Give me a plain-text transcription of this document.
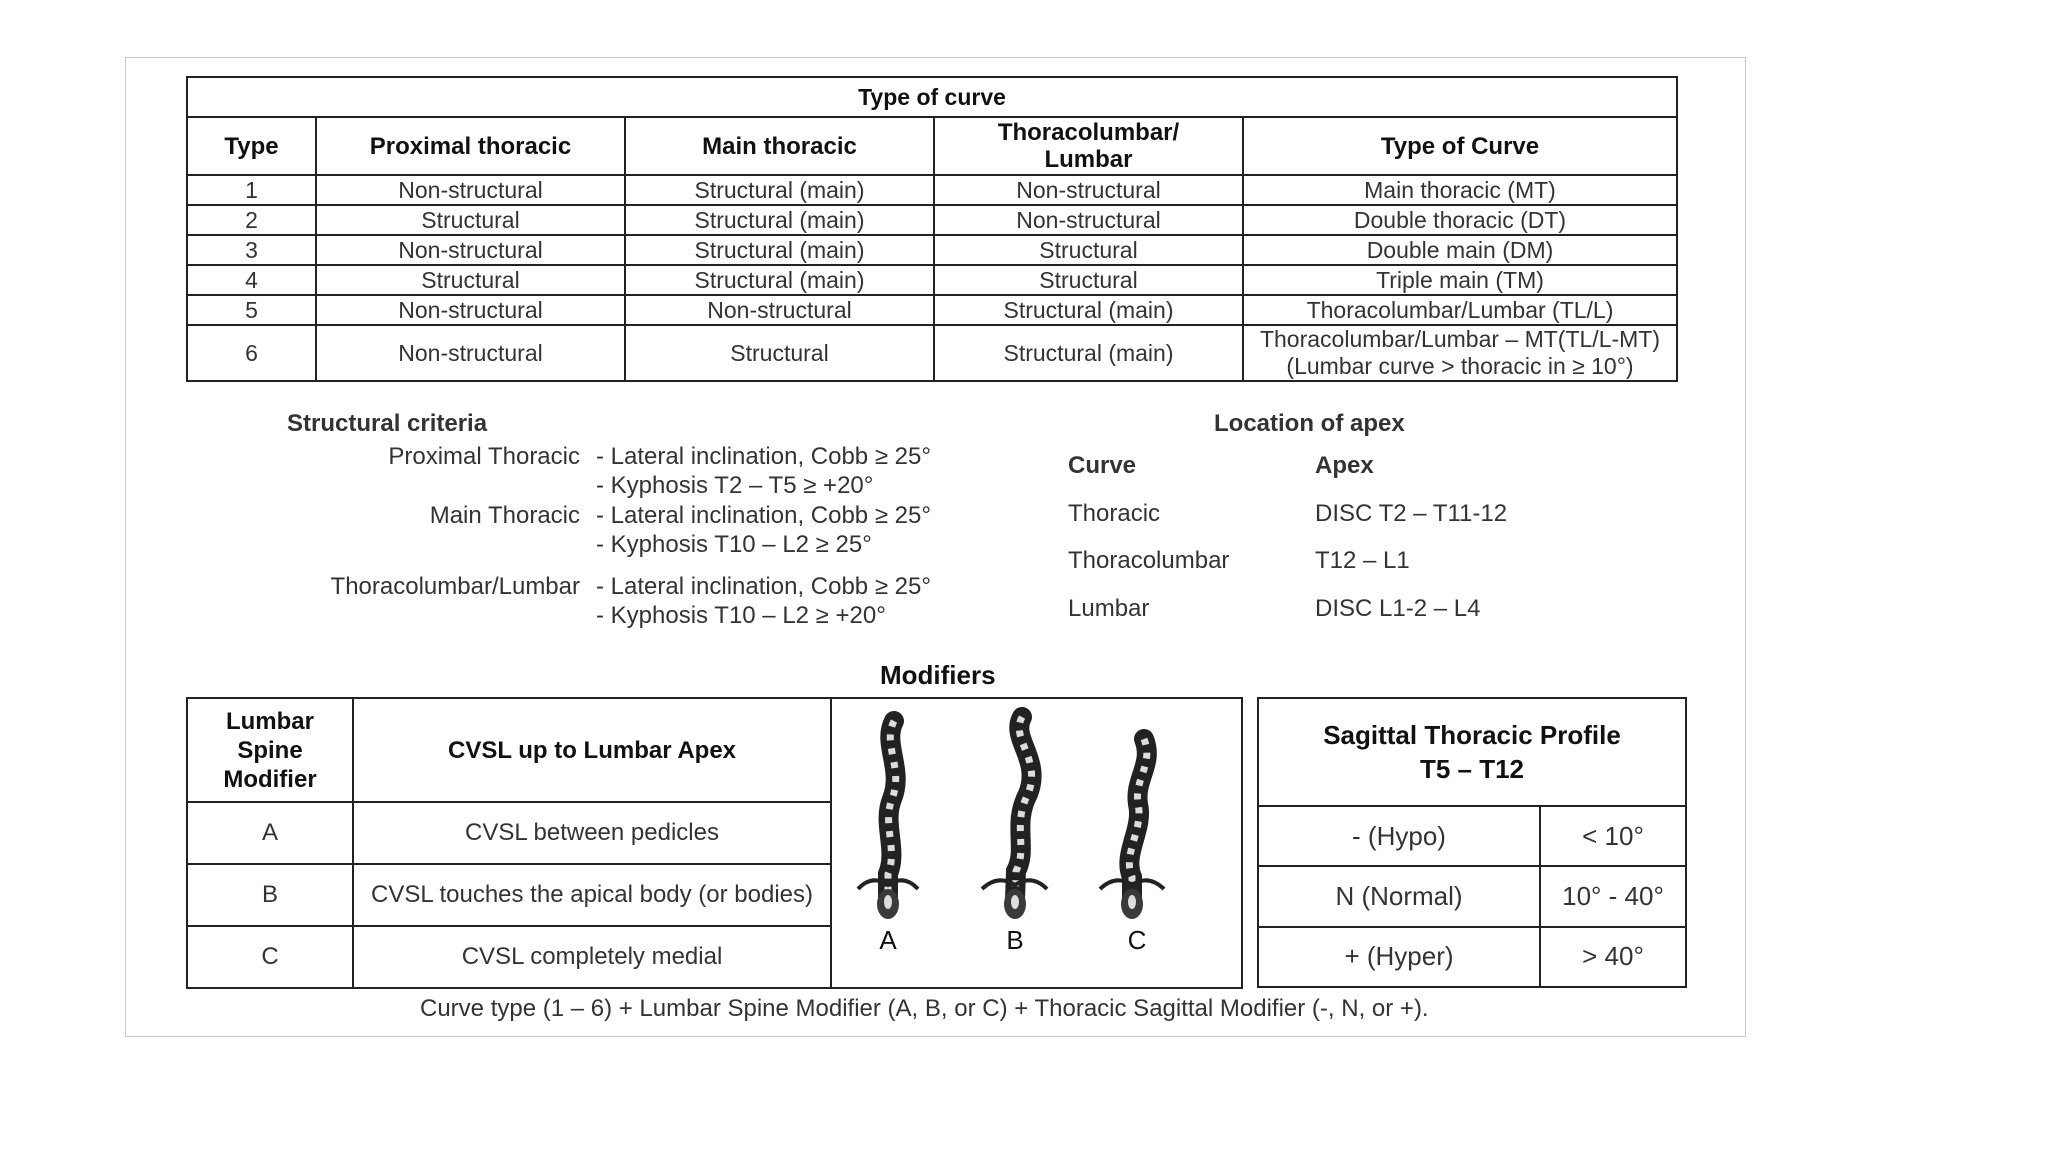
Type of curve				
Type	Proximal thoracic	Main thoracic	Thoracolumbar/ Lumbar	Type of Curve
1	Non-structural	Structural (main)	Non-structural	Main thoracic (MT)
2	Structural	Structural (main)	Non-structural	Double thoracic (DT)
3	Non-structural	Structural (main)	Structural	Double main (DM)
4	Structural	Structural (main)	Structural	Triple main (TM)
5	Non-structural	Non-structural	Structural (main)	Thoracolumbar/Lumbar (TL/L)
6	Non-structural	Structural	Structural (main)	Thoracolumbar/Lumbar – MT(TL/L-MT)
(Lumbar curve > thoracic in ≥ 10°)
Structural criteria
Proximal Thoracic - Lateral inclination, Cobb ≥ 25°
- Kyphosis T2 – T5 ≥ +20°
Main Thoracic - Lateral inclination, Cobb ≥ 25°
- Kyphosis T10 – L2 ≥ 25°
Thoracolumbar/Lumbar - Lateral inclination, Cobb ≥ 25°
- Kyphosis T10 – L2 ≥ +20°
Location of apex
Curve	Apex
Thoracic	DISC T2 – T11-12
Thoracolumbar	T12 – L1
Lumbar	DISC L1-2 – L4
Modifiers
Lumbar Spine Modifier	CVSL up to Lumbar Apex	A B C

A	CVSL between pedicles	
B	CVSL touches the apical body (or bodies)	
C	CVSL completely medial	
Sagittal Thoracic Profile
T5 – T12	

- (Hypo)	< 10°
N (Normal)	10° - 40°
+ (Hyper)	> 40°
Curve type (1 – 6) + Lumbar Spine Modifier (A, B, or C) + Thoracic Sagittal Modifier (-, N, or +).
